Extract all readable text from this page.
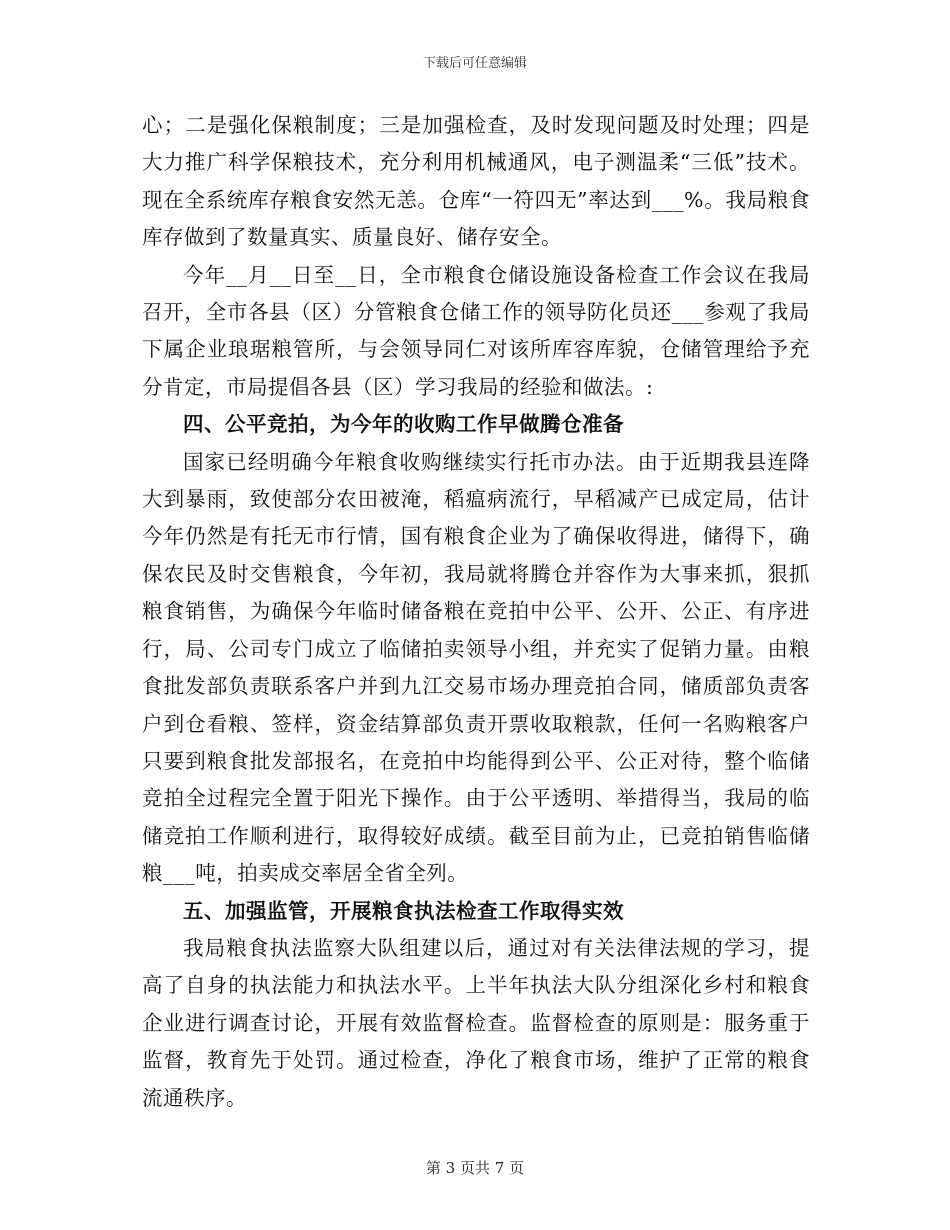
下载后可任意编辑

心；二是强化保粮制度；三是加强检查，及时发现问题及时处理；四是大力推广科学保粮技术，充分利用机械通风，电子测温柔“三低”技术。现在全系统库存粮食安然无恙。仓库“一符四无”率达到___%。我局粮食库存做到了数量真实、质量良好、储存安全。

今年__月__日至__日，全市粮食仓储设施设备检查工作会议在我局召开，全市各县（区）分管粮食仓储工作的领导防化员还___参观了我局下属企业琅琚粮管所，与会领导同仁对该所库容库貌，仓储管理给予充分肯定，市局提倡各县（区）学习我局的经验和做法。:

四、公平竞拍，为今年的收购工作早做腾仓准备

国家已经明确今年粮食收购继续实行托市办法。由于近期我县连降大到暴雨，致使部分农田被淹，稻瘟病流行，早稻减产已成定局，估计今年仍然是有托无市行情，国有粮食企业为了确保收得进，储得下，确保农民及时交售粮食，今年初，我局就将腾仓并容作为大事来抓，狠抓粮食销售，为确保今年临时储备粮在竞拍中公平、公开、公正、有序进行，局、公司专门成立了临储拍卖领导小组，并充实了促销力量。由粮食批发部负责联系客户并到九江交易市场办理竞拍合同，储质部负责客户到仓看粮、签样，资金结算部负责开票收取粮款，任何一名购粮客户只要到粮食批发部报名，在竞拍中均能得到公平、公正对待，整个临储竞拍全过程完全置于阳光下操作。由于公平透明、举措得当，我局的临储竞拍工作顺利进行，取得较好成绩。截至目前为止，已竞拍销售临储粮___吨，拍卖成交率居全省全列。

五、加强监管，开展粮食执法检查工作取得实效

我局粮食执法监察大队组建以后，通过对有关法律法规的学习，提高了自身的执法能力和执法水平。上半年执法大队分组深化乡村和粮食企业进行调查讨论，开展有效监督检查。监督检查的原则是：服务重于监督，教育先于处罚。通过检查，净化了粮食市场，维护了正常的粮食流通秩序。

第 3 页共 7 页
